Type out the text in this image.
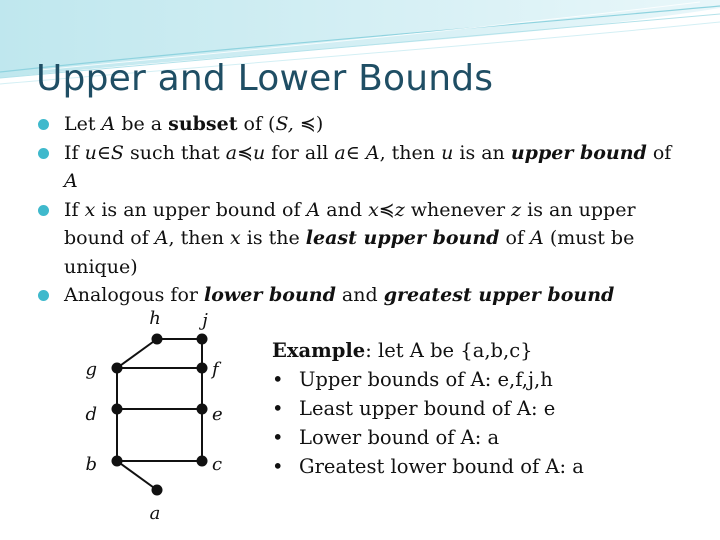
Upper and Lower Bounds
Let A be a subset of (S, ≼)
If u∈S such that a≼u for all a∈ A, then u is an upper bound of A
If x is an upper bound of A and x≼z whenever z is an upper bound of A, then x is the least upper bound of A (must be unique)
Analogous for lower bound and greatest upper bound
h j
g	f
d	e
b	c
a
Example: let A be {a,b,c}
• Upper bounds of A: e,f,j,h
• Least upper bound of A: e
• Lower bound of A: a
• Greatest lower bound of A: a
